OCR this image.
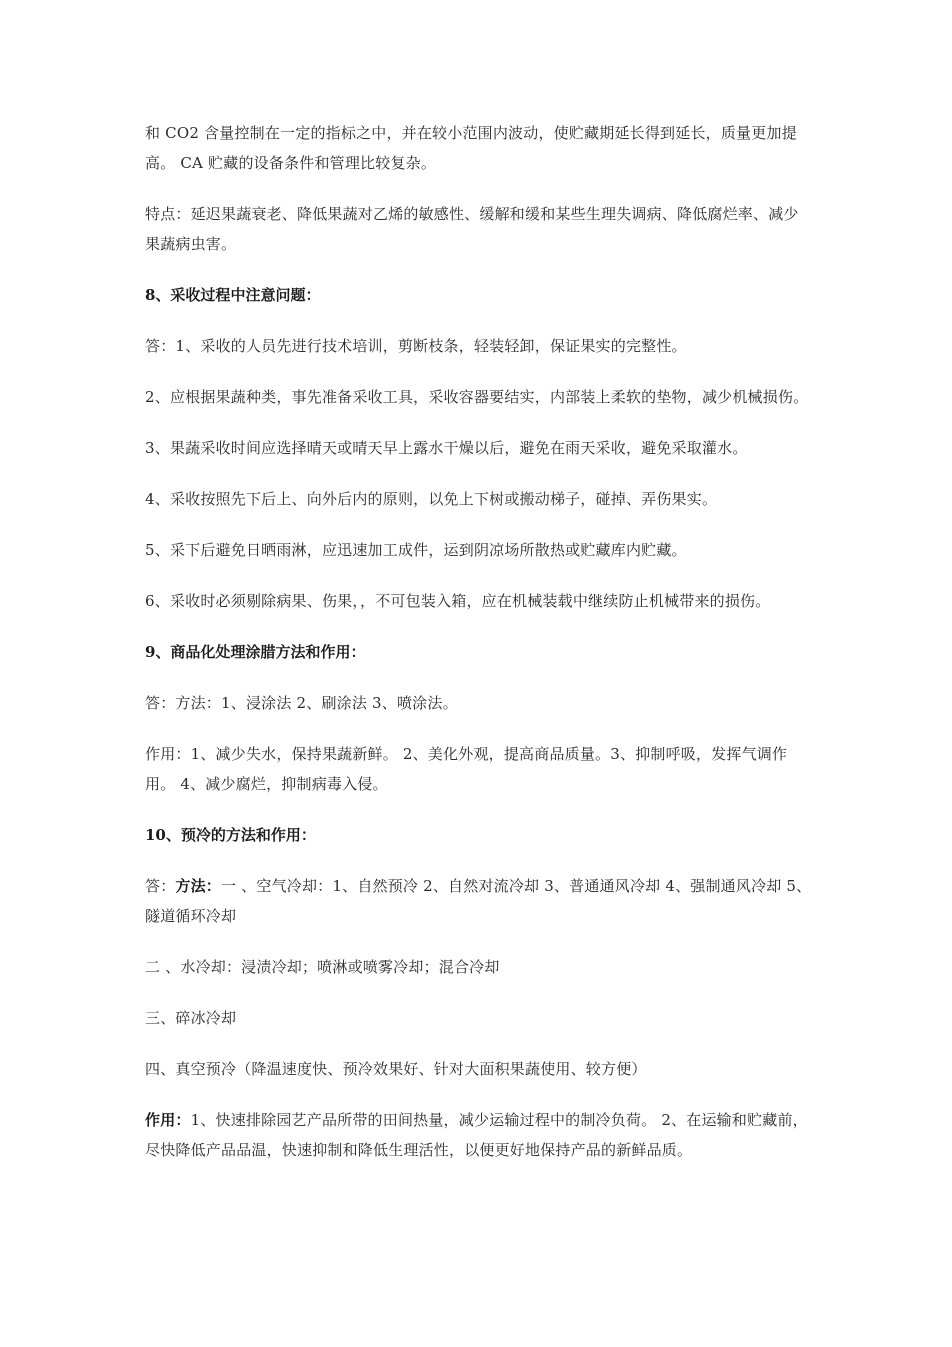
和 CO2 含量控制在一定的指标之中，并在较小范围内波动，使贮藏期延长得到延长，质量更加提高。 CA 贮藏的设备条件和管理比较复杂。

特点：延迟果蔬衰老、降低果蔬对乙烯的敏感性、缓解和缓和某些生理失调病、降低腐烂率、减少果蔬病虫害。

8、采收过程中注意问题：

答：1、采收的人员先进行技术培训，剪断枝条，轻装轻卸，保证果实的完整性。

2、应根据果蔬种类，事先准备采收工具，采收容器要结实，内部装上柔软的垫物，减少机械损伤。

3、果蔬采收时间应选择晴天或晴天早上露水干燥以后，避免在雨天采收，避免采取灌水。

4、采收按照先下后上、向外后内的原则，以免上下树或搬动梯子，碰掉、弄伤果实。

5、采下后避免日晒雨淋，应迅速加工成件，运到阴凉场所散热或贮藏库内贮藏。

6、采收时必须剔除病果、伤果，，不可包装入箱，应在机械装载中继续防止机械带来的损伤。

9、商品化处理涂腊方法和作用：

答：方法：1、浸涂法 2、刷涂法 3、喷涂法。

作用：1、减少失水，保持果蔬新鲜。 2、美化外观，提高商品质量。3、抑制呼吸，发挥气调作用。 4、减少腐烂，抑制病毒入侵。

10、预冷的方法和作用：

答：方法：一 、空气冷却：1、自然预冷 2、自然对流冷却 3、普通通风冷却 4、强制通风冷却 5、隧道循环冷却

二 、水冷却：浸渍冷却；喷淋或喷雾冷却；混合冷却

三、碎冰冷却

四、真空预冷（降温速度快、预冷效果好、针对大面积果蔬使用、较方便）

作用：1、快速排除园艺产品所带的田间热量，减少运输过程中的制冷负荷。 2、在运输和贮藏前，尽快降低产品品温，快速抑制和降低生理活性，以便更好地保持产品的新鲜品质。
